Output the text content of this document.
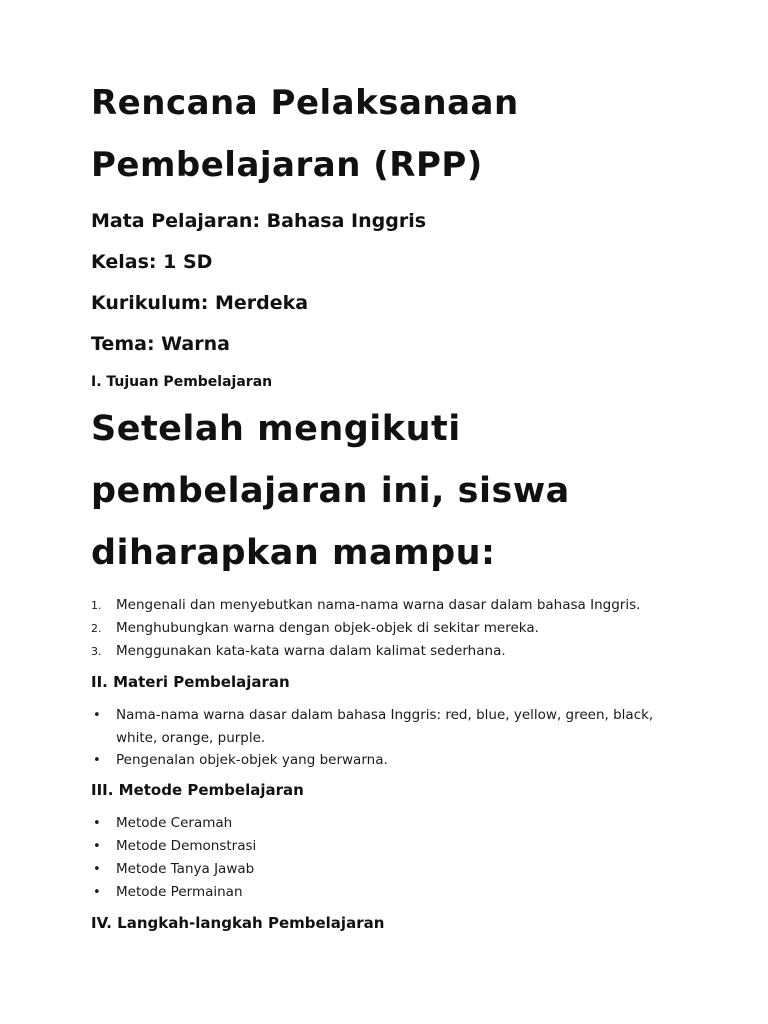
Rencana Pelaksanaan
Pembelajaran (RPP)

Mata Pelajaran: Bahasa Inggris

Kelas: 1 SD

Kurikulum: Merdeka

Tema: Warna

I. Tujuan Pembelajaran

Setelah mengikuti

pembelajaran ini, siswa

diharapkan mampu:

1. Mengenali dan menyebutkan nama-nama warna dasar dalam bahasa Inggris.
2. Menghubungkan warna dengan objek-objek di sekitar mereka.
3. Menggunakan kata-kata warna dalam kalimat sederhana.
II. Materi Pembelajaran
• Nama-nama warna dasar dalam bahasa Inggris: red, blue, yellow, green, black, white, orange, purple.
• Pengenalan objek-objek yang berwarna.
III. Metode Pembelajaran
• Metode Ceramah
• Metode Demonstrasi
• Metode Tanya Jawab
• Metode Permainan
IV. Langkah-langkah Pembelajaran
